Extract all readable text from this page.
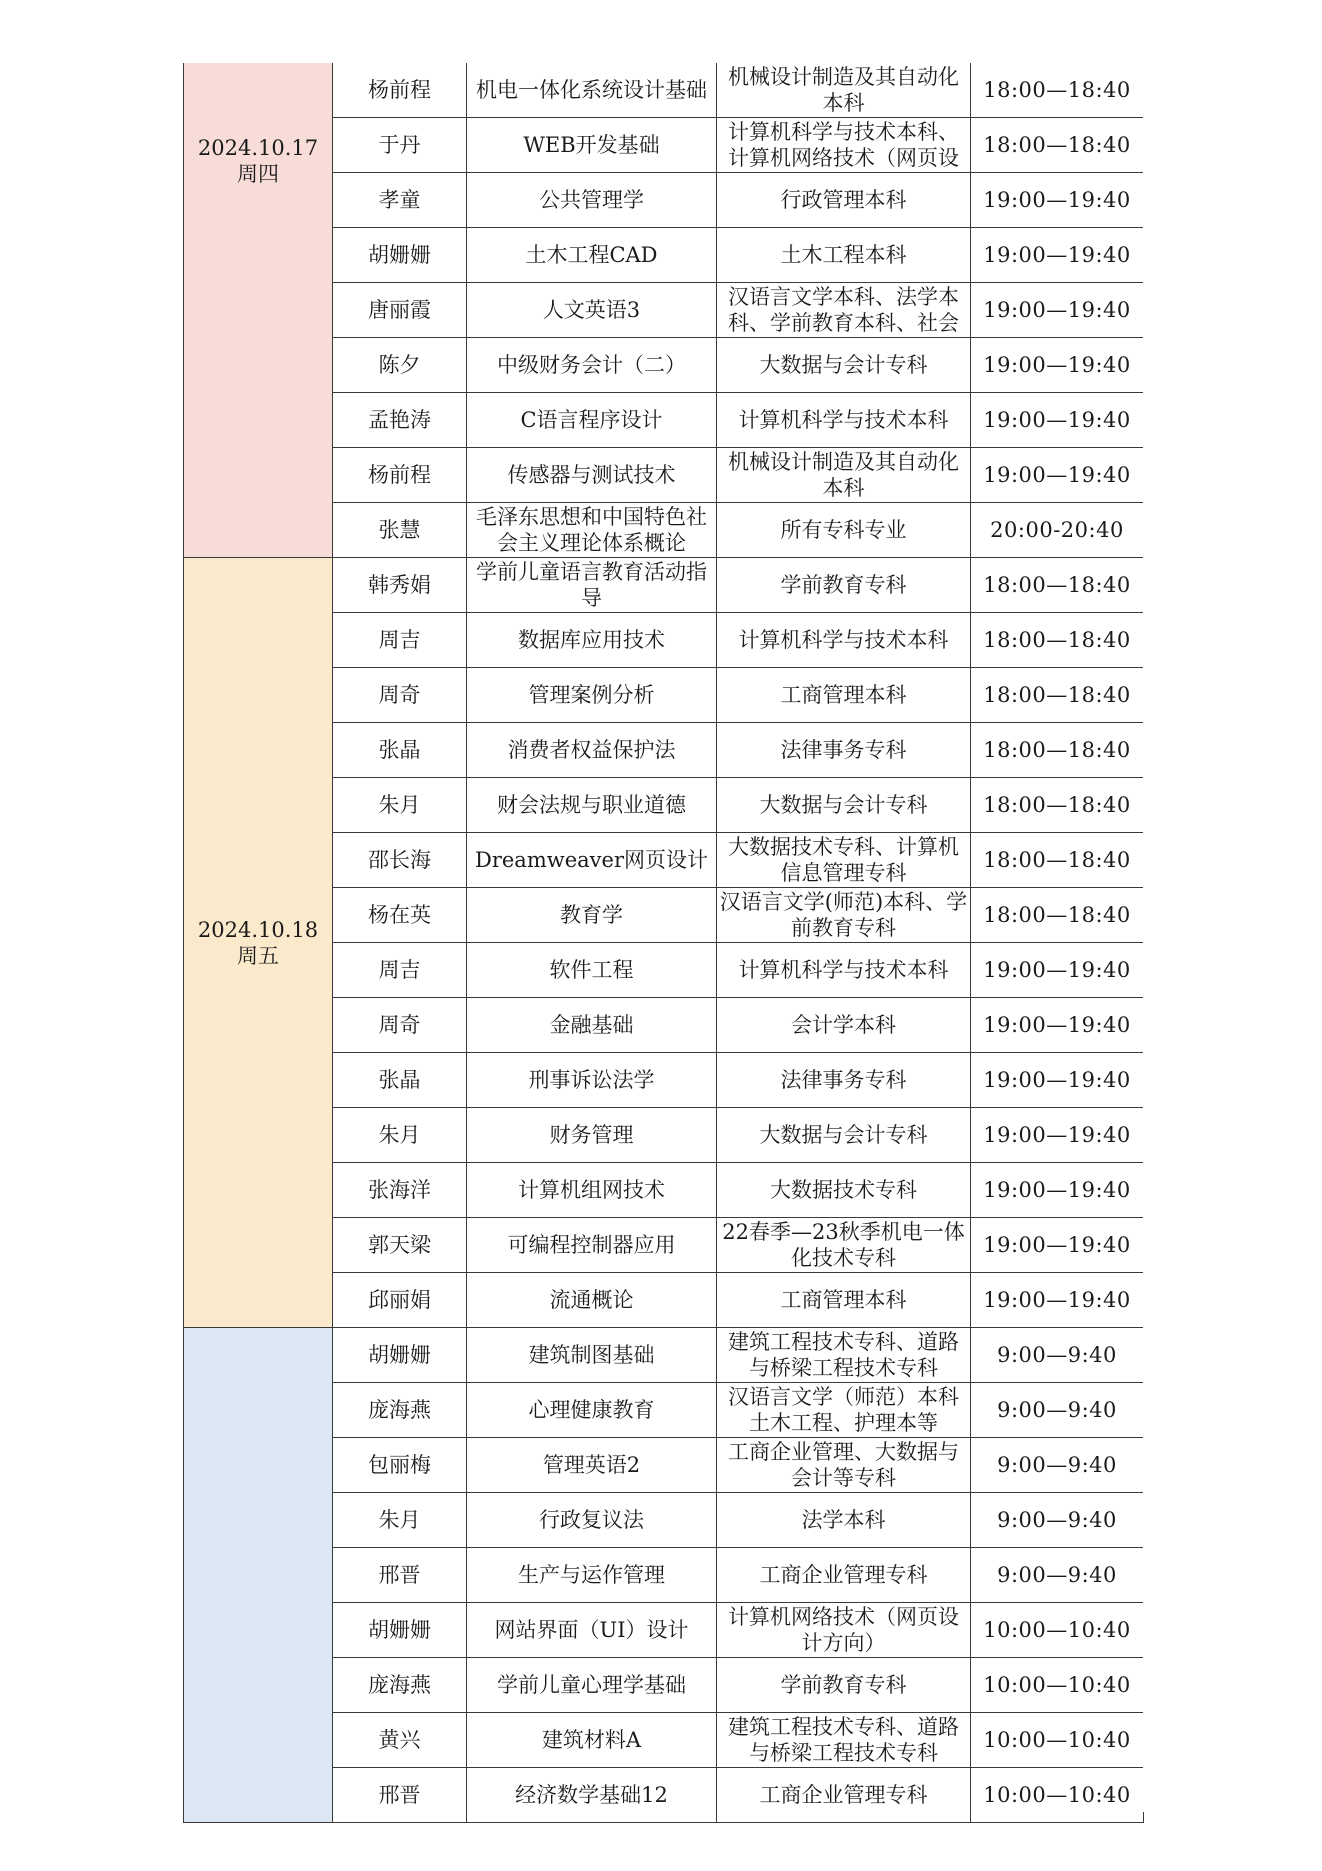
2024.10.17
周四	杨前程	机电一体化系统设计基础	机械设计制造及其自动化本科	18:00—18:40
	于丹	WEB开发基础	计算机科学与技术本科、计算机网络技术（网页设	18:00—18:40
	孝童	公共管理学	行政管理本科	19:00—19:40
	胡姗姗	土木工程CAD	土木工程本科	19:00—19:40
	唐丽霞	人文英语3	汉语言文学本科、法学本科、学前教育本科、社会	19:00—19:40
	陈夕	中级财务会计（二）	大数据与会计专科	19:00—19:40
	孟艳涛	C语言程序设计	计算机科学与技术本科	19:00—19:40
	杨前程	传感器与测试技术	机械设计制造及其自动化本科	19:00—19:40
	张慧	毛泽东思想和中国特色社会主义理论体系概论	所有专科专业	20:00-20:40

2024.10.18
周五	韩秀娟	学前儿童语言教育活动指导	学前教育专科	18:00—18:40
	周吉	数据库应用技术	计算机科学与技术本科	18:00—18:40
	周奇	管理案例分析	工商管理本科	18:00—18:40
	张晶	消费者权益保护法	法律事务专科	18:00—18:40
	朱月	财会法规与职业道德	大数据与会计专科	18:00—18:40
	邵长海	Dreamweaver网页设计	大数据技术专科、计算机信息管理专科	18:00—18:40
	杨在英	教育学	汉语言文学(师范)本科、学前教育专科	18:00—18:40
	周吉	软件工程	计算机科学与技术本科	19:00—19:40
	周奇	金融基础	会计学本科	19:00—19:40
	张晶	刑事诉讼法学	法律事务专科	19:00—19:40
	朱月	财务管理	大数据与会计专科	19:00—19:40
	张海洋	计算机组网技术	大数据技术专科	19:00—19:40
	郭天梁	可编程控制器应用	22春季—23秋季机电一体化技术专科	19:00—19:40
	邱丽娟	流通概论	工商管理本科	19:00—19:40

	胡姗姗	建筑制图基础	建筑工程技术专科、道路与桥梁工程技术专科	9:00—9:40
	庞海燕	心理健康教育	汉语言文学（师范）本科土木工程、护理本等	9:00—9:40
	包丽梅	管理英语2	工商企业管理、大数据与会计等专科	9:00—9:40
	朱月	行政复议法	法学本科	9:00—9:40
	邢晋	生产与运作管理	工商企业管理专科	9:00—9:40
	胡姗姗	网站界面（UI）设计	计算机网络技术（网页设计方向）	10:00—10:40
	庞海燕	学前儿童心理学基础	学前教育专科	10:00—10:40
	黄兴	建筑材料A	建筑工程技术专科、道路与桥梁工程技术专科	10:00—10:40
	邢晋	经济数学基础12	工商企业管理专科	10:00—10:40
